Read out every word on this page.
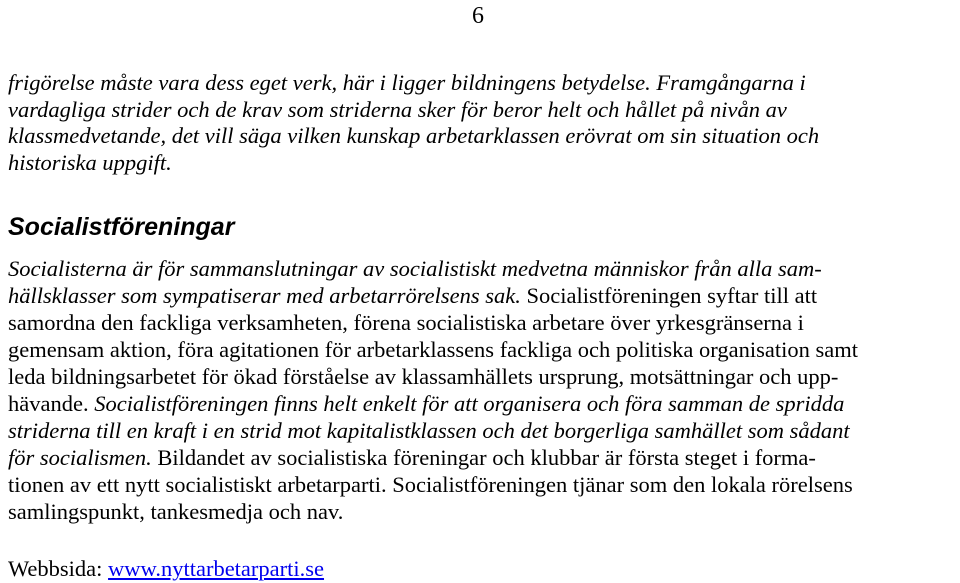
6

frigörelse måste vara dess eget verk, här i ligger bildningens betydelse. Framgångarna i
vardagliga strider och de krav som striderna sker för beror helt och hållet på nivån av
klassmedvetande, det vill säga vilken kunskap arbetarklassen erövrat om sin situation och
historiska uppgift.

Socialistföreningar

Socialisterna är för sammanslutningar av socialistiskt medvetna människor från alla sam-
hällsklasser som sympatiserar med arbetarrörelsens sak. Socialistföreningen syftar till att
samordna den fackliga verksamheten, förena socialistiska arbetare över yrkesgränserna i
gemensam aktion, föra agitationen för arbetarklassens fackliga och politiska organisation samt
leda bildningsarbetet för ökad förståelse av klassamhällets ursprung, motsättningar och upp-
hävande. Socialistföreningen finns helt enkelt för att organisera och föra samman de spridda
striderna till en kraft i en strid mot kapitalistklassen och det borgerliga samhället som sådant
för socialismen. Bildandet av socialistiska föreningar och klubbar är första steget i forma-
tionen av ett nytt socialistiskt arbetarparti. Socialistföreningen tjänar som den lokala rörelsens
samlingspunkt, tankesmedja och nav.

Webbsida: www.nyttarbetarparti.se
